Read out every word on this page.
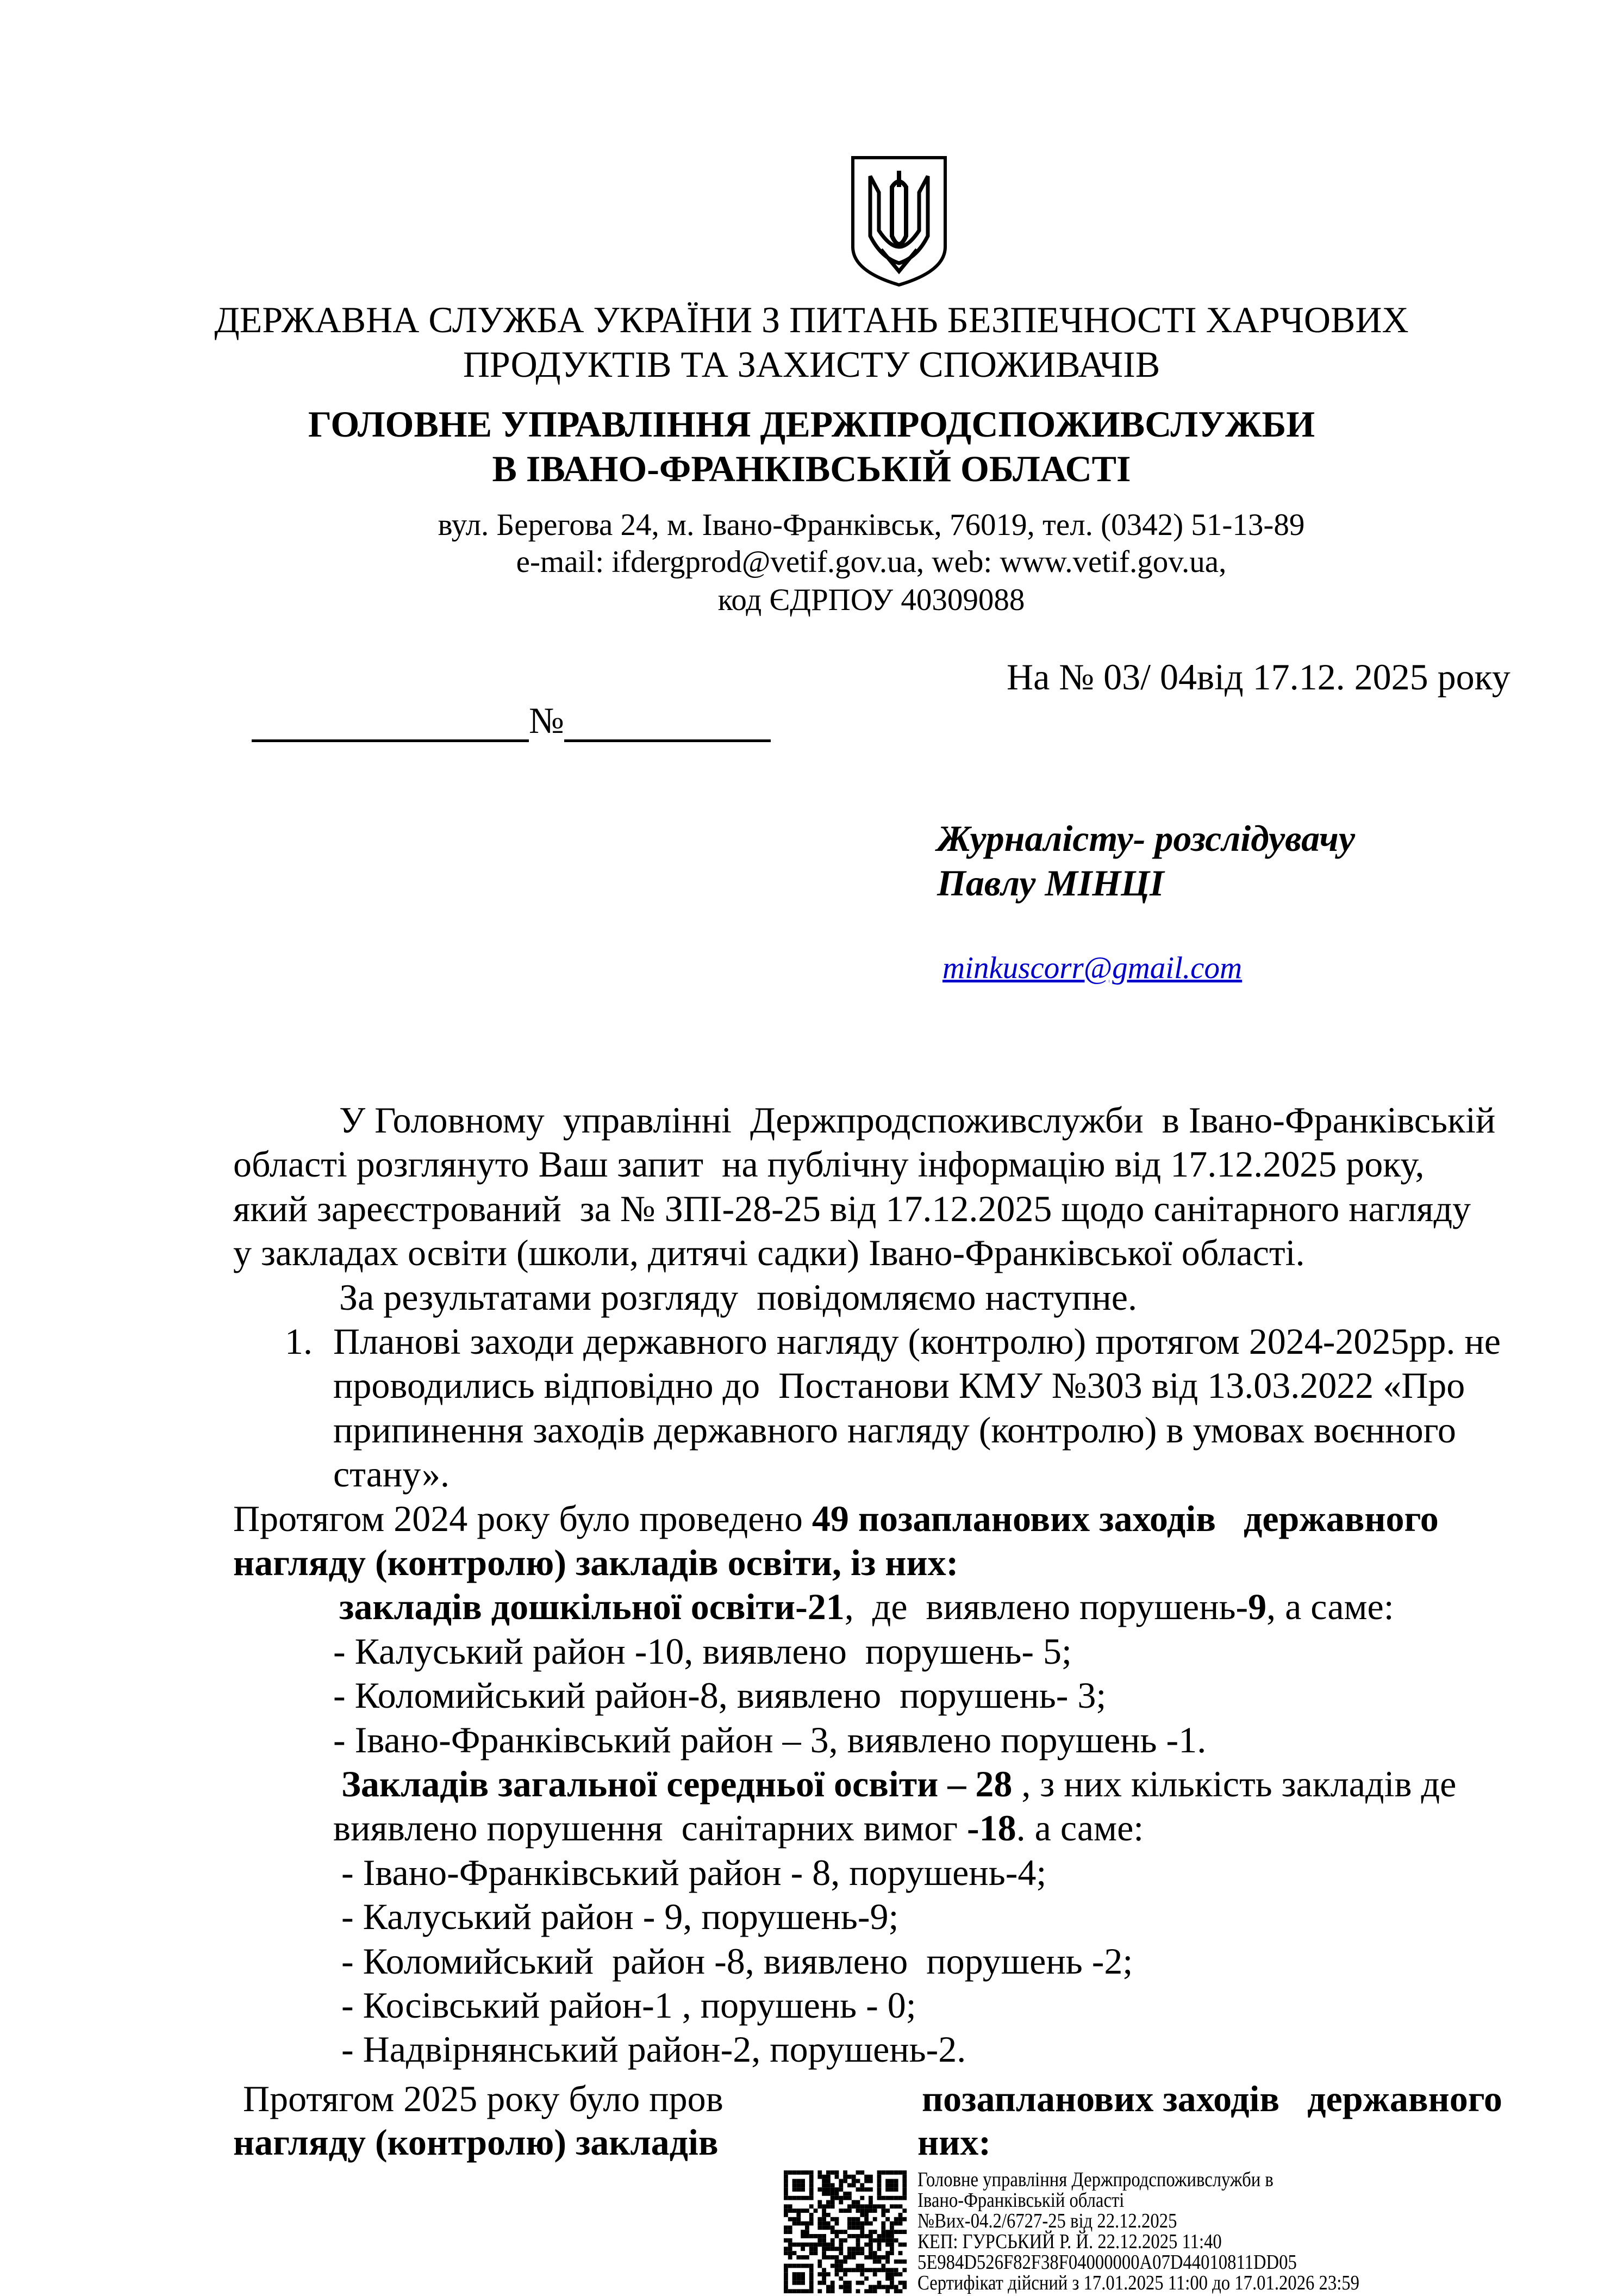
ДЕРЖАВНА СЛУЖБА УКРАЇНИ З ПИТАНЬ БЕЗПЕЧНОСТІ ХАРЧОВИХ
ПРОДУКТІВ ТА ЗАХИСТУ СПОЖИВАЧІВ
ГОЛОВНЕ УПРАВЛІННЯ ДЕРЖПРОДСПОЖИВСЛУЖБИ
В ІВАНО-ФРАНКІВСЬКІЙ ОБЛАСТІ
вул. Берегова 24, м. Івано-Франківськ, 76019, тел. (0342) 51-13-89
e-mail: ifdergprod@vetif.gov.ua, web: www.vetif.gov.ua,
код ЄДРПОУ 40309088

№

На № 03/ 04від 17.12. 2025 року
Журналісту- розслідувачу
Павлу МІНЦІ
minkuscorr@gmail.com
У Головному  управлінні  Держпродспоживслужби  в Івано-Франківській
області розглянуто Ваш запит  на публічну інформацію від 17.12.2025 року,
який зареєстрований  за № ЗПІ-28-25 від 17.12.2025 щодо санітарного нагляду
у закладах освіти (школи, дитячі садки) Івано-Франківської області.
За результатами розгляду  повідомляємо наступне.
1. Планові заходи державного нагляду (контролю) протягом 2024-2025рр. не
проводились відповідно до  Постанови КМУ №303 від 13.03.2022 «Про
припинення заходів державного нагляду (контролю) в умовах воєнного
стану».
Протягом 2024 року було проведено 49 позапланових заходів   державного
нагляду (контролю) закладів освіти, із них:
закладів дошкільної освіти-21,  де  виявлено порушень-9, а саме:
- Калуський район -10, виявлено  порушень- 5;
- Коломийський район-8, виявлено  порушень- 3;
- Івано-Франківський район – 3, виявлено порушень -1.
Закладів загальної середньої освіти – 28 , з них кількість закладів де
виявлено порушення  санітарних вимог -18. а саме:
- Івано-Франківський район - 8, порушень-4;
- Калуський район - 9, порушень-9;
- Коломийський  район -8, виявлено  порушень -2;
- Косівський район-1 , порушень - 0;
- Надвірнянський район-2, порушень-2.
Протягом 2025 року було пров	позапланових заходів   державного
нагляду (контролю) закладів	них:
Головне управління Держпродспоживслужби в
Івано-Франківській області
№Вих-04.2/6727-25 від 22.12.2025
КЕП: ГУРСЬКИЙ Р. Й. 22.12.2025 11:40
5E984D526F82F38F04000000A07D44010811DD05
Сертифікат дійсний з 17.01.2025 11:00 до 17.01.2026 23:59
